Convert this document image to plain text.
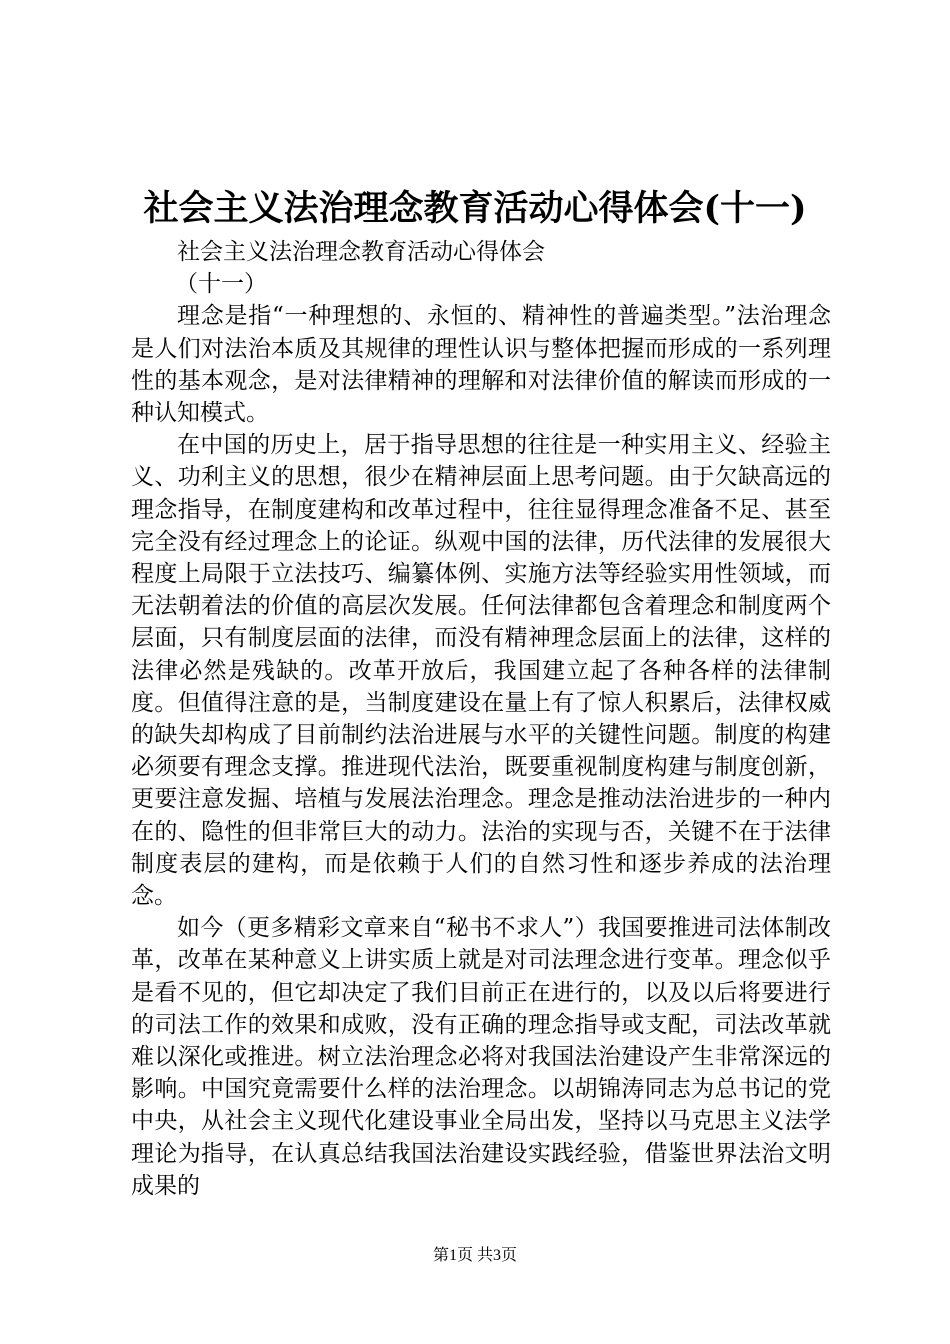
社会主义法治理念教育活动心得体会(十一)
社会主义法治理念教育活动心得体会
（十一）

理念是指“一种理想的、永恒的、精神性的普遍类型。”法治理念是人们对法治本质及其规律的理性认识与整体把握而形成的一系列理性的基本观念，是对法律精神的理解和对法律价值的解读而形成的一种认知模式。

在中国的历史上，居于指导思想的往往是一种实用主义、经验主义、功利主义的思想，很少在精神层面上思考问题。由于欠缺高远的理念指导，在制度建构和改革过程中，往往显得理念准备不足、甚至完全没有经过理念上的论证。纵观中国的法律，历代法律的发展很大程度上局限于立法技巧、编纂体例、实施方法等经验实用性领域，而无法朝着法的价值的高层次发展。任何法律都包含着理念和制度两个层面，只有制度层面的法律，而没有精神理念层面上的法律，这样的法律必然是残缺的。改革开放后，我国建立起了各种各样的法律制度。但值得注意的是，当制度建设在量上有了惊人积累后，法律权威的缺失却构成了目前制约法治进展与水平的关键性问题。制度的构建必须要有理念支撑。推进现代法治，既要重视制度构建与制度创新，更要注意发掘、培植与发展法治理念。理念是推动法治进步的一种内在的、隐性的但非常巨大的动力。法治的实现与否，关键不在于法律制度表层的建构，而是依赖于人们的自然习性和逐步养成的法治理念。

如今（更多精彩文章来自“秘书不求人”）我国要推进司法体制改革，改革在某种意义上讲实质上就是对司法理念进行变革。理念似乎是看不见的，但它却决定了我们目前正在进行的，以及以后将要进行的司法工作的效果和成败，没有正确的理念指导或支配，司法改革就难以深化或推进。树立法治理念必将对我国法治建设产生非常深远的影响。中国究竟需要什么样的法治理念。以胡锦涛同志为总书记的党中央，从社会主义现代化建设事业全局出发，坚持以马克思主义法学理论为指导，在认真总结我国法治建设实践经验，借鉴世界法治文明成果的

第1页 共3页
